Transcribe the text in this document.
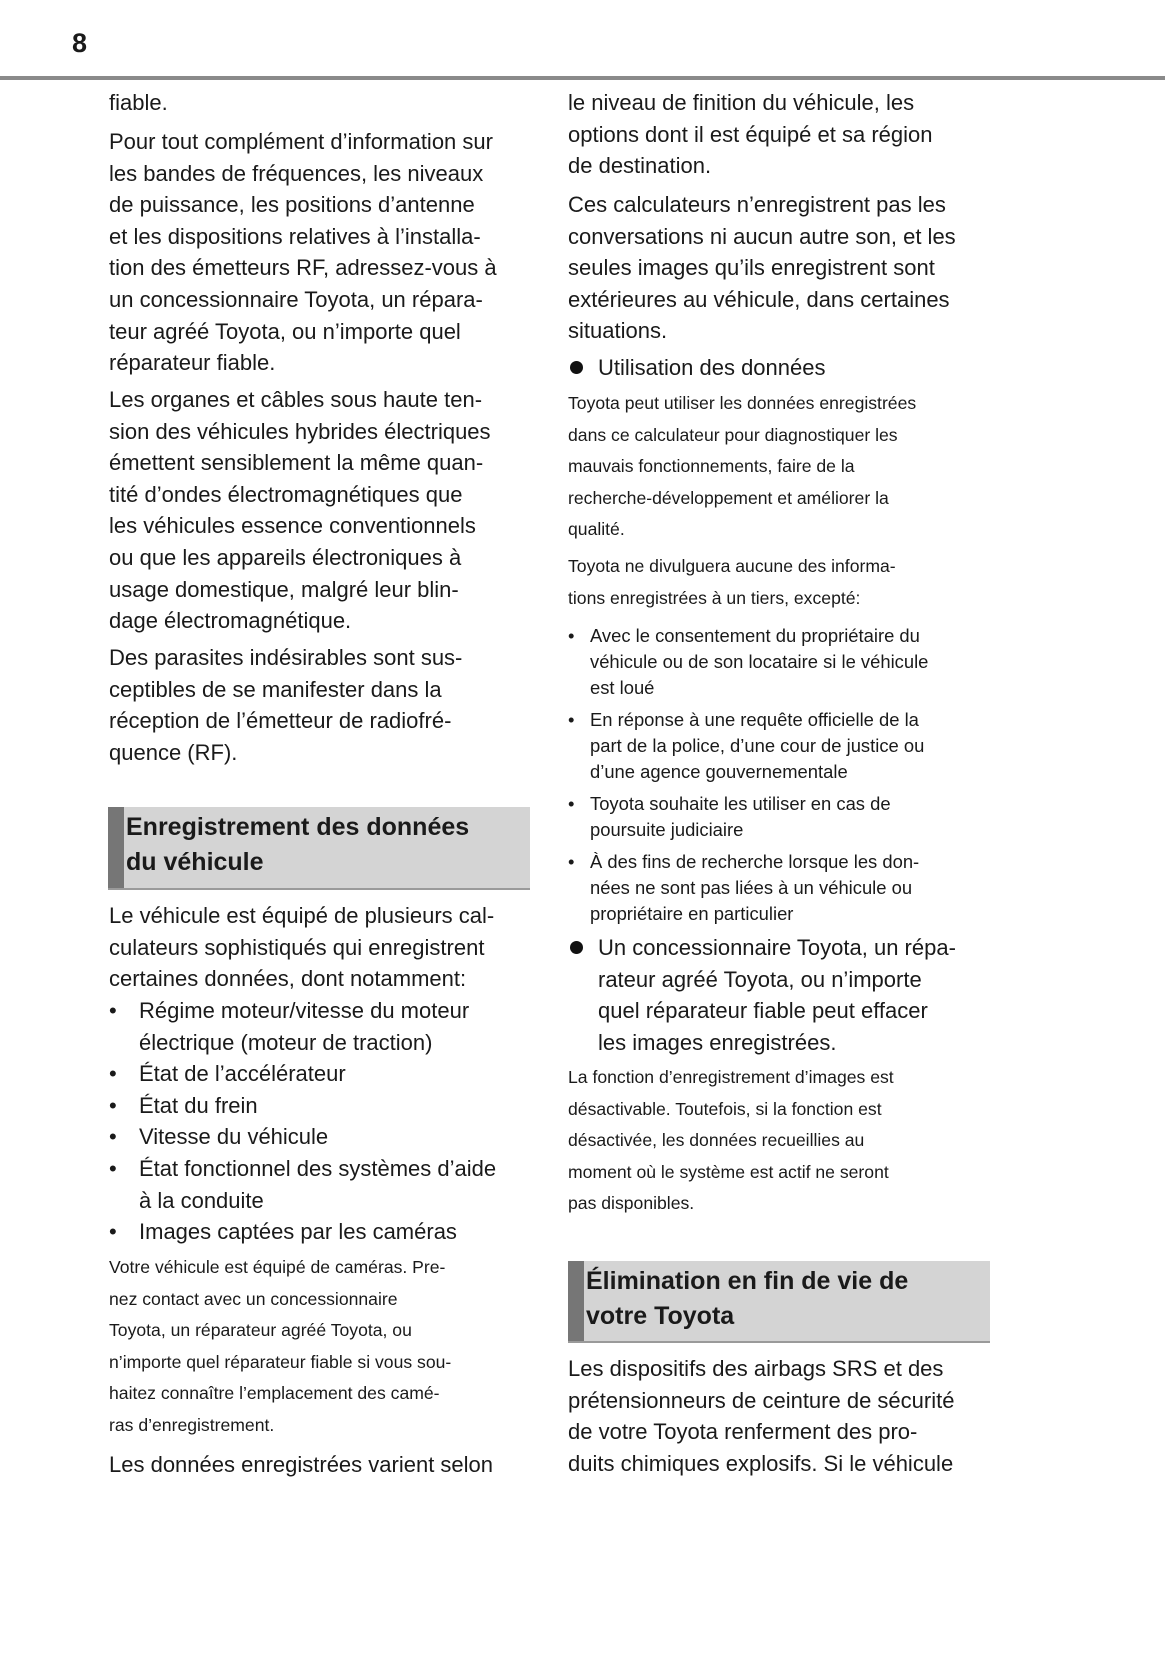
8
fiable.
Pour tout complément d’information sur
les bandes de fréquences, les niveaux
de puissance, les positions d’antenne
et les dispositions relatives à l’installa-
tion des émetteurs RF, adressez-vous à
un concessionnaire Toyota, un répara-
teur agréé Toyota, ou n’importe quel
réparateur fiable.
Les organes et câbles sous haute ten-
sion des véhicules hybrides électriques
émettent sensiblement la même quan-
tité d’ondes électromagnétiques que
les véhicules essence conventionnels
ou que les appareils électroniques à
usage domestique, malgré leur blin-
dage électromagnétique.
Des parasites indésirables sont sus-
ceptibles de se manifester dans la
réception de l’émetteur de radiofré-
quence (RF).
Enregistrement des données
du véhicule
Le véhicule est équipé de plusieurs cal-
culateurs sophistiqués qui enregistrent
certaines données, dont notamment:
Régime moteur/vitesse du moteur
•
électrique (moteur de traction)
État de l’accélérateur
•
État du frein
•
Vitesse du véhicule
•
État fonctionnel des systèmes d’aide
•
à la conduite
Images captées par les caméras
•
Votre véhicule est équipé de caméras. Pre-
nez contact avec un concessionnaire
Toyota, un réparateur agréé Toyota, ou
n’importe quel réparateur fiable si vous sou-
haitez connaître l’emplacement des camé-
ras d’enregistrement.
Les données enregistrées varient selon
le niveau de finition du véhicule, les
options dont il est équipé et sa région
de destination.
Ces calculateurs n’enregistrent pas les
conversations ni aucun autre son, et les
seules images qu’ils enregistrent sont
extérieures au véhicule, dans certaines
situations.
Utilisation des données
Toyota peut utiliser les données enregistrées
dans ce calculateur pour diagnostiquer les
mauvais fonctionnements, faire de la
recherche-développement et améliorer la
qualité.
Toyota ne divulguera aucune des informa-
tions enregistrées à un tiers, excepté:
Avec le consentement du propriétaire du
•
véhicule ou de son locataire si le véhicule
est loué
En réponse à une requête officielle de la
•
part de la police, d’une cour de justice ou
d’une agence gouvernementale
Toyota souhaite les utiliser en cas de
•
poursuite judiciaire
À des fins de recherche lorsque les don-
•
nées ne sont pas liées à un véhicule ou
propriétaire en particulier
Un concessionnaire Toyota, un répa-
rateur agréé Toyota, ou n’importe
quel réparateur fiable peut effacer
les images enregistrées.
La fonction d’enregistrement d’images est
désactivable. Toutefois, si la fonction est
désactivée, les données recueillies au
moment où le système est actif ne seront
pas disponibles.
Élimination en fin de vie de
votre Toyota
Les dispositifs des airbags SRS et des
prétensionneurs de ceinture de sécurité
de votre Toyota renferment des pro-
duits chimiques explosifs. Si le véhicule
